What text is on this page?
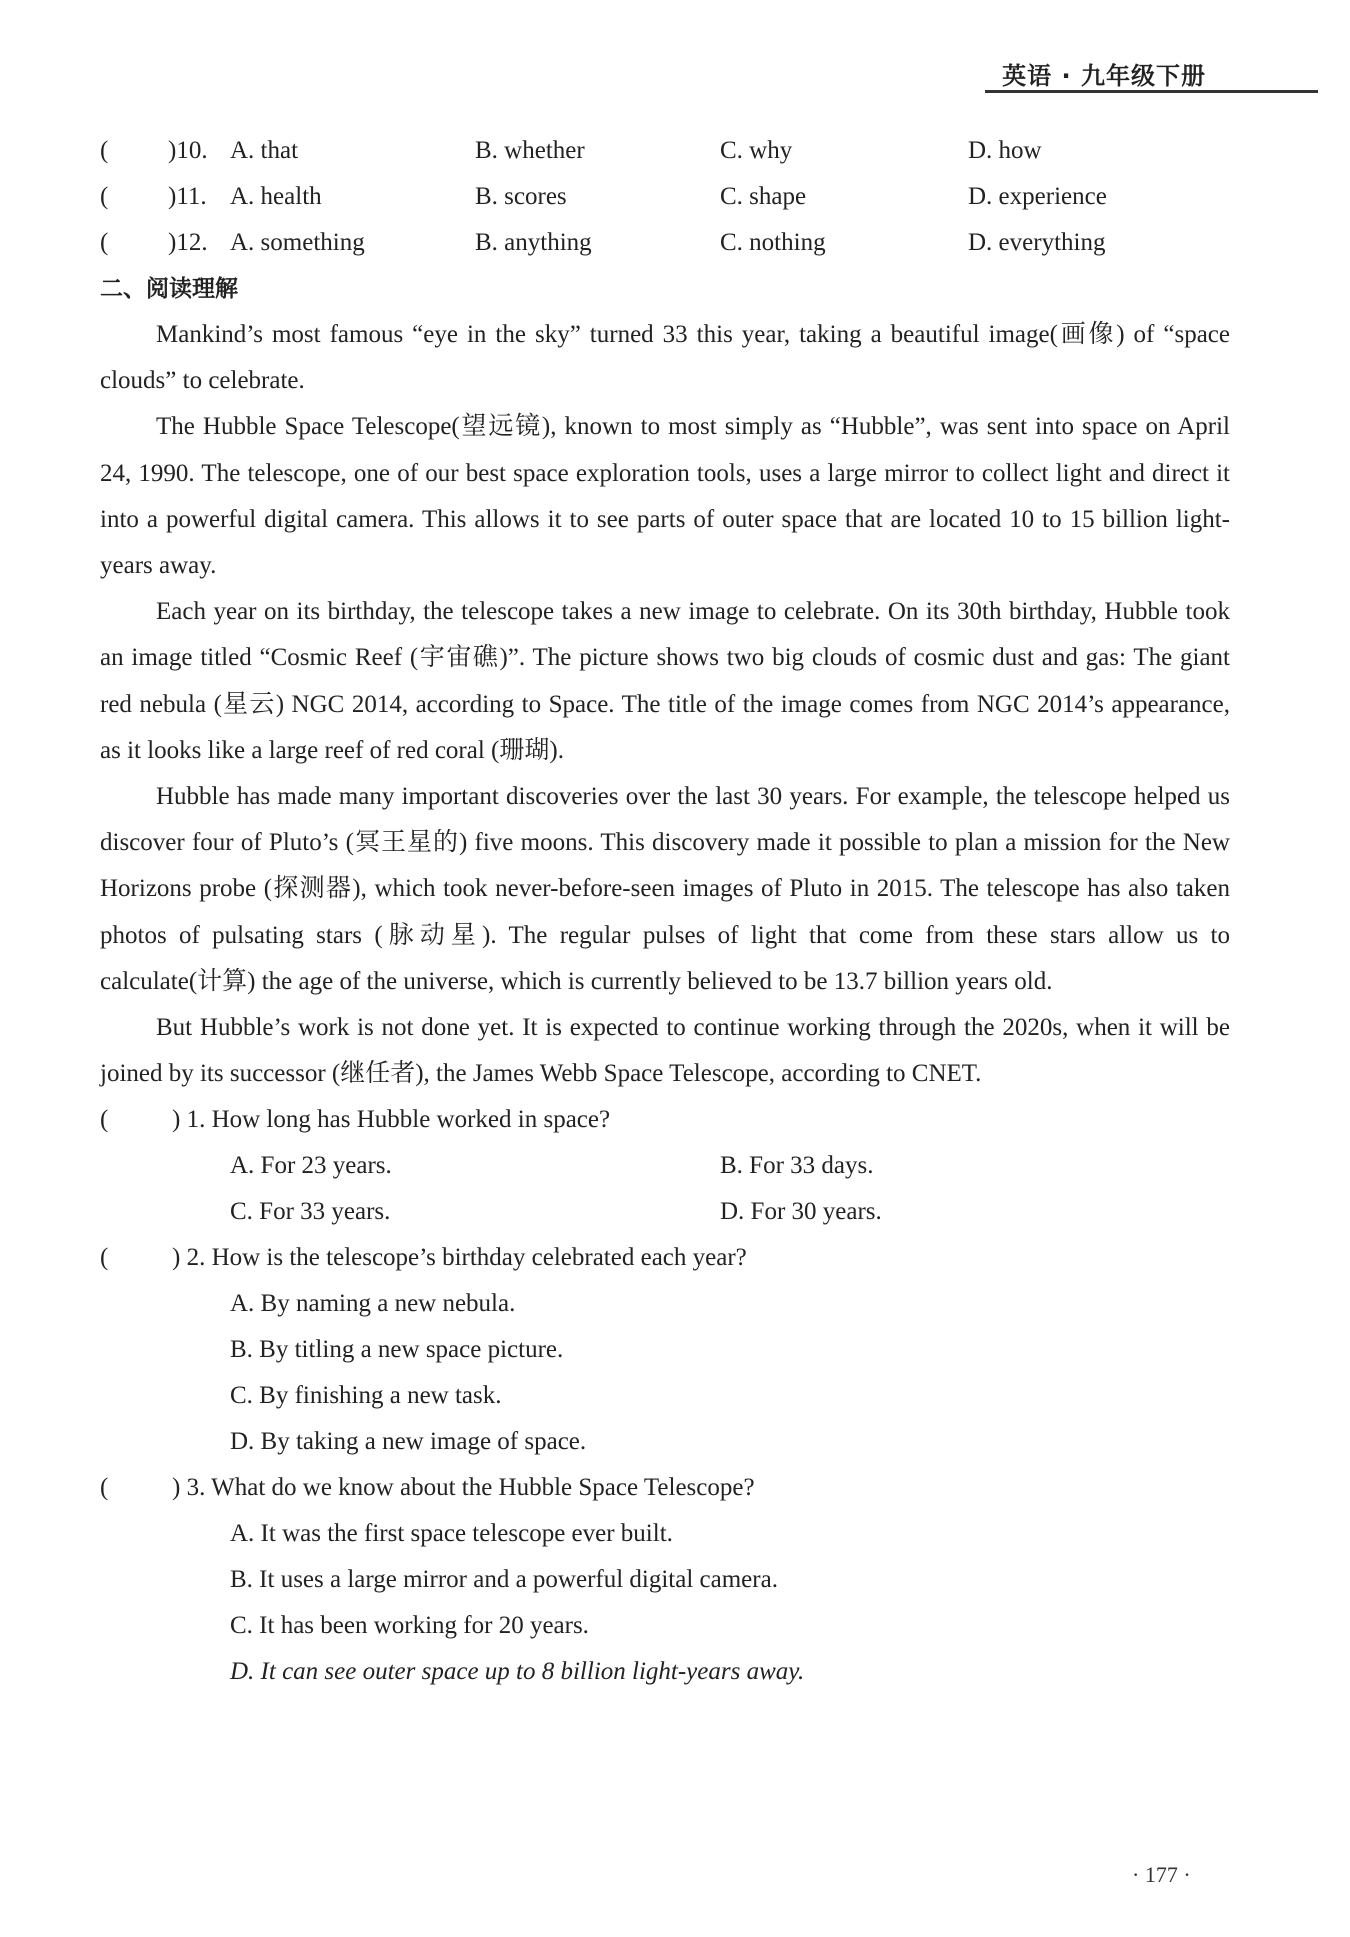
英语 · 九年级下册
( )10. A. that	B. whether	C. why	D. how
( )11. A. health	B. scores	C. shape	D. experience
( )12. A. something	B. anything	C. nothing	D. everything
二、阅读理解

Mankind’s most famous “eye in the sky” turned 33 this year, taking a beautiful image(画像) of “space clouds” to celebrate.

The Hubble Space Telescope(望远镜), known to most simply as “Hubble”, was sent into space on April 24, 1990. The telescope, one of our best space exploration tools, uses a large mirror to collect light and direct it into a powerful digital camera. This allows it to see parts of outer space that are located 10 to 15 billion light-years away.

Each year on its birthday, the telescope takes a new image to celebrate. On its 30th birthday, Hubble took an image titled “Cosmic Reef (宇宙礁)”. The picture shows two big clouds of cosmic dust and gas: The giant red nebula (星云) NGC 2014, according to Space. The title of the image comes from NGC 2014’s appearance, as it looks like a large reef of red coral (珊瑚).

Hubble has made many important discoveries over the last 30 years. For example, the telescope helped us discover four of Pluto’s (冥王星的) five moons. This discovery made it possible to plan a mission for the New Horizons probe (探测器), which took never-before-seen images of Pluto in 2015. The telescope has also taken photos of pulsating stars (脉动星). The regular pulses of light that come from these stars allow us to calculate(计算) the age of the universe, which is currently believed to be 13.7 billion years old.

But Hubble’s work is not done yet. It is expected to continue working through the 2020s, when it will be joined by its successor (继任者), the James Webb Space Telescope, according to CNET.

(	) 1. How long has Hubble worked in space?
A. For 23 years.	B. For 33 days.
C. For 33 years.	D. For 30 years.
(	) 2. How is the telescope’s birthday celebrated each year?
A. By naming a new nebula.
B. By titling a new space picture.
C. By finishing a new task.
D. By taking a new image of space.
(	) 3. What do we know about the Hubble Space Telescope?
A. It was the first space telescope ever built.
B. It uses a large mirror and a powerful digital camera.
C. It has been working for 20 years.
D. It can see outer space up to 8 billion light-years away.
· 177 ·
